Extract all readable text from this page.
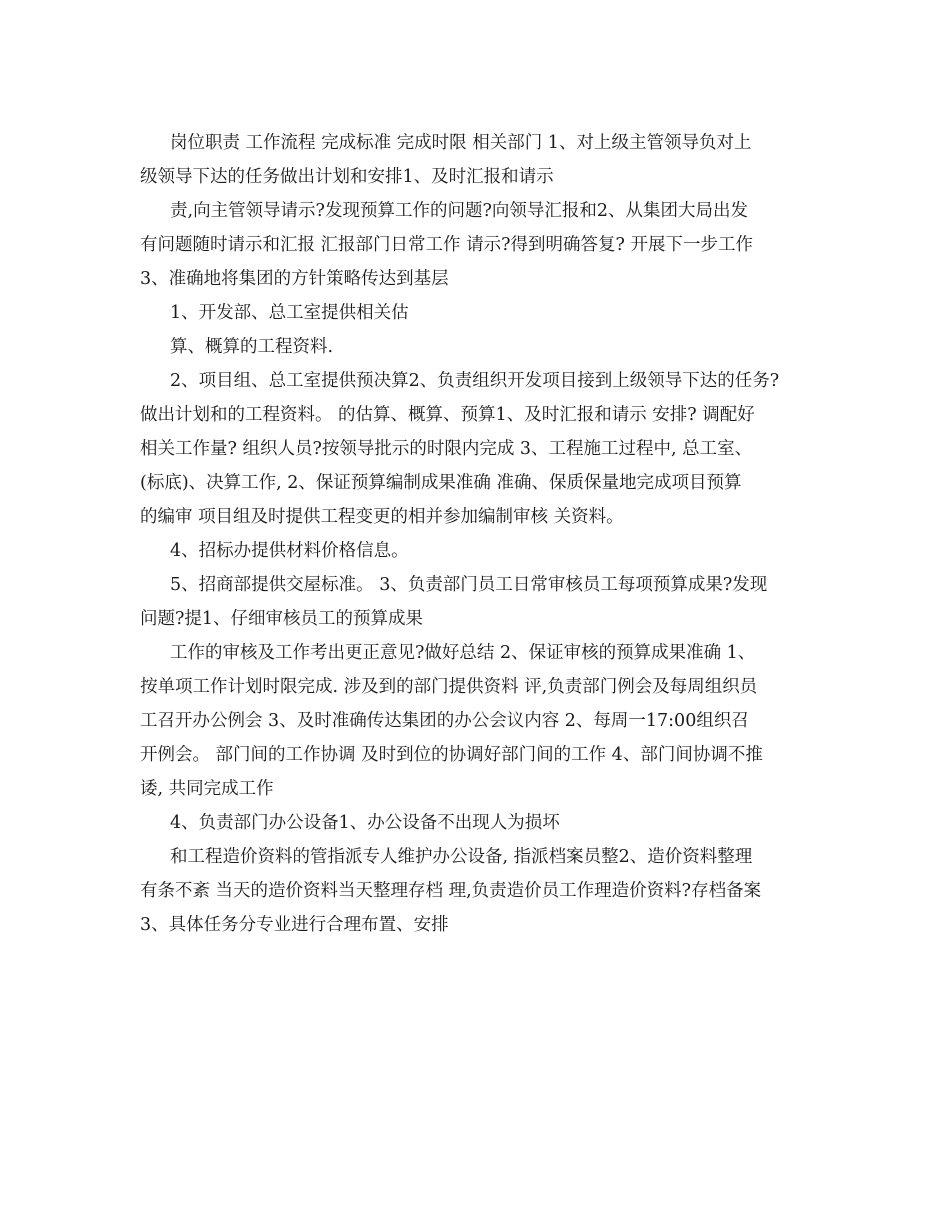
岗位职责 工作流程 完成标准 完成时限 相关部门 1、对上级主管领导负对上
级领导下达的任务做出计划和安排1、及时汇报和请示
责,向主管领导请示?发现预算工作的问题?向领导汇报和2、从集团大局出发
有问题随时请示和汇报 汇报部门日常工作 请示?得到明确答复? 开展下一步工作
3、准确地将集团的方针策略传达到基层
1、开发部、总工室提供相关估
算、概算的工程资料.
2、项目组、总工室提供预决算2、负责组织开发项目接到上级领导下达的任务?
做出计划和的工程资料。 的估算、概算、预算1、及时汇报和请示 安排? 调配好
相关工作量? 组织人员?按领导批示的时限内完成 3、工程施工过程中, 总工室、
(标底)、决算工作, 2、保证预算编制成果准确 准确、保质保量地完成项目预算
的编审 项目组及时提供工程变更的相并参加编制审核 关资料。
4、招标办提供材料价格信息。
5、招商部提供交屋标准。 3、负责部门员工日常审核员工每项预算成果?发现
问题?提1、仔细审核员工的预算成果
工作的审核及工作考出更正意见?做好总结 2、保证审核的预算成果准确 1、
按单项工作计划时限完成. 涉及到的部门提供资料 评,负责部门例会及每周组织员
工召开办公例会 3、及时准确传达集团的办公会议内容 2、每周一17:00组织召
开例会。 部门间的工作协调 及时到位的协调好部门间的工作 4、部门间协调不推
诿, 共同完成工作
4、负责部门办公设备1、办公设备不出现人为损坏
和工程造价资料的管指派专人维护办公设备, 指派档案员整2、造价资料整理
有条不紊 当天的造价资料当天整理存档 理,负责造价员工作理造价资料?存档备案
3、具体任务分专业进行合理布置、安排
